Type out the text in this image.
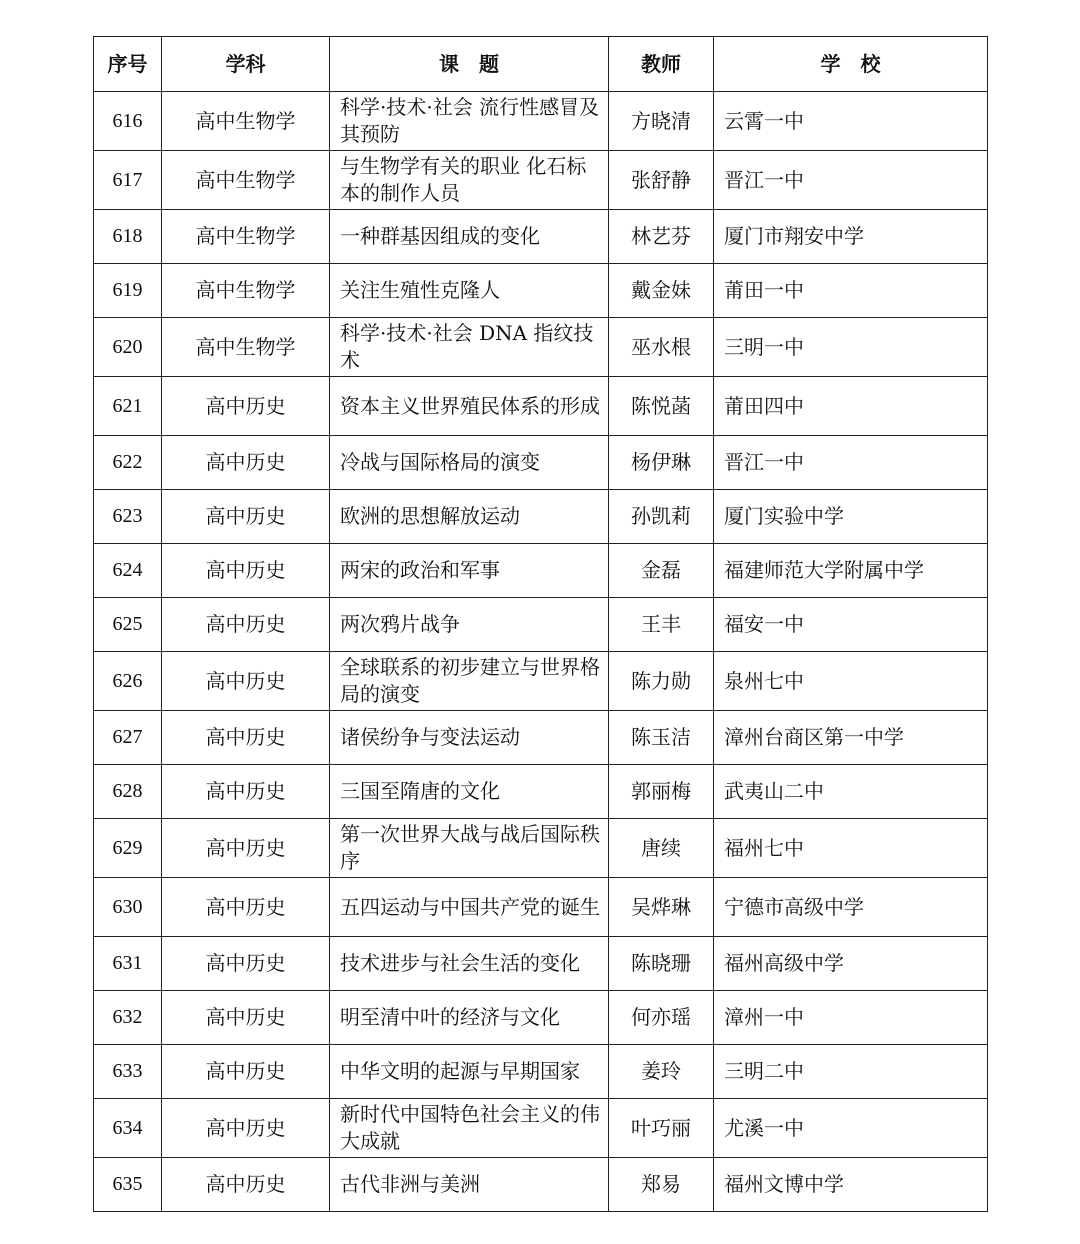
序号	学科	课　题	教师	学　校
616	高中生物学	科学·技术·社会 流行性感冒及其预防	方晓清	云霄一中
617	高中生物学	与生物学有关的职业 化石标本的制作人员	张舒静	晋江一中
618	高中生物学	一种群基因组成的变化	林艺芬	厦门市翔安中学
619	高中生物学	关注生殖性克隆人	戴金妹	莆田一中
620	高中生物学	科学·技术·社会 DNA 指纹技术	巫水根	三明一中
621	高中历史	资本主义世界殖民体系的形成	陈悦菡	莆田四中
622	高中历史	冷战与国际格局的演变	杨伊琳	晋江一中
623	高中历史	欧洲的思想解放运动	孙凯莉	厦门实验中学
624	高中历史	两宋的政治和军事	金磊	福建师范大学附属中学
625	高中历史	两次鸦片战争	王丰	福安一中
626	高中历史	全球联系的初步建立与世界格局的演变	陈力勋	泉州七中
627	高中历史	诸侯纷争与变法运动	陈玉洁	漳州台商区第一中学
628	高中历史	三国至隋唐的文化	郭丽梅	武夷山二中
629	高中历史	第一次世界大战与战后国际秩序	唐续	福州七中
630	高中历史	五四运动与中国共产党的诞生	吴烨琳	宁德市高级中学
631	高中历史	技术进步与社会生活的变化	陈晓珊	福州高级中学
632	高中历史	明至清中叶的经济与文化	何亦瑶	漳州一中
633	高中历史	中华文明的起源与早期国家	姜玲	三明二中
634	高中历史	新时代中国特色社会主义的伟大成就	叶巧丽	尤溪一中
635	高中历史	古代非洲与美洲	郑易	福州文博中学
